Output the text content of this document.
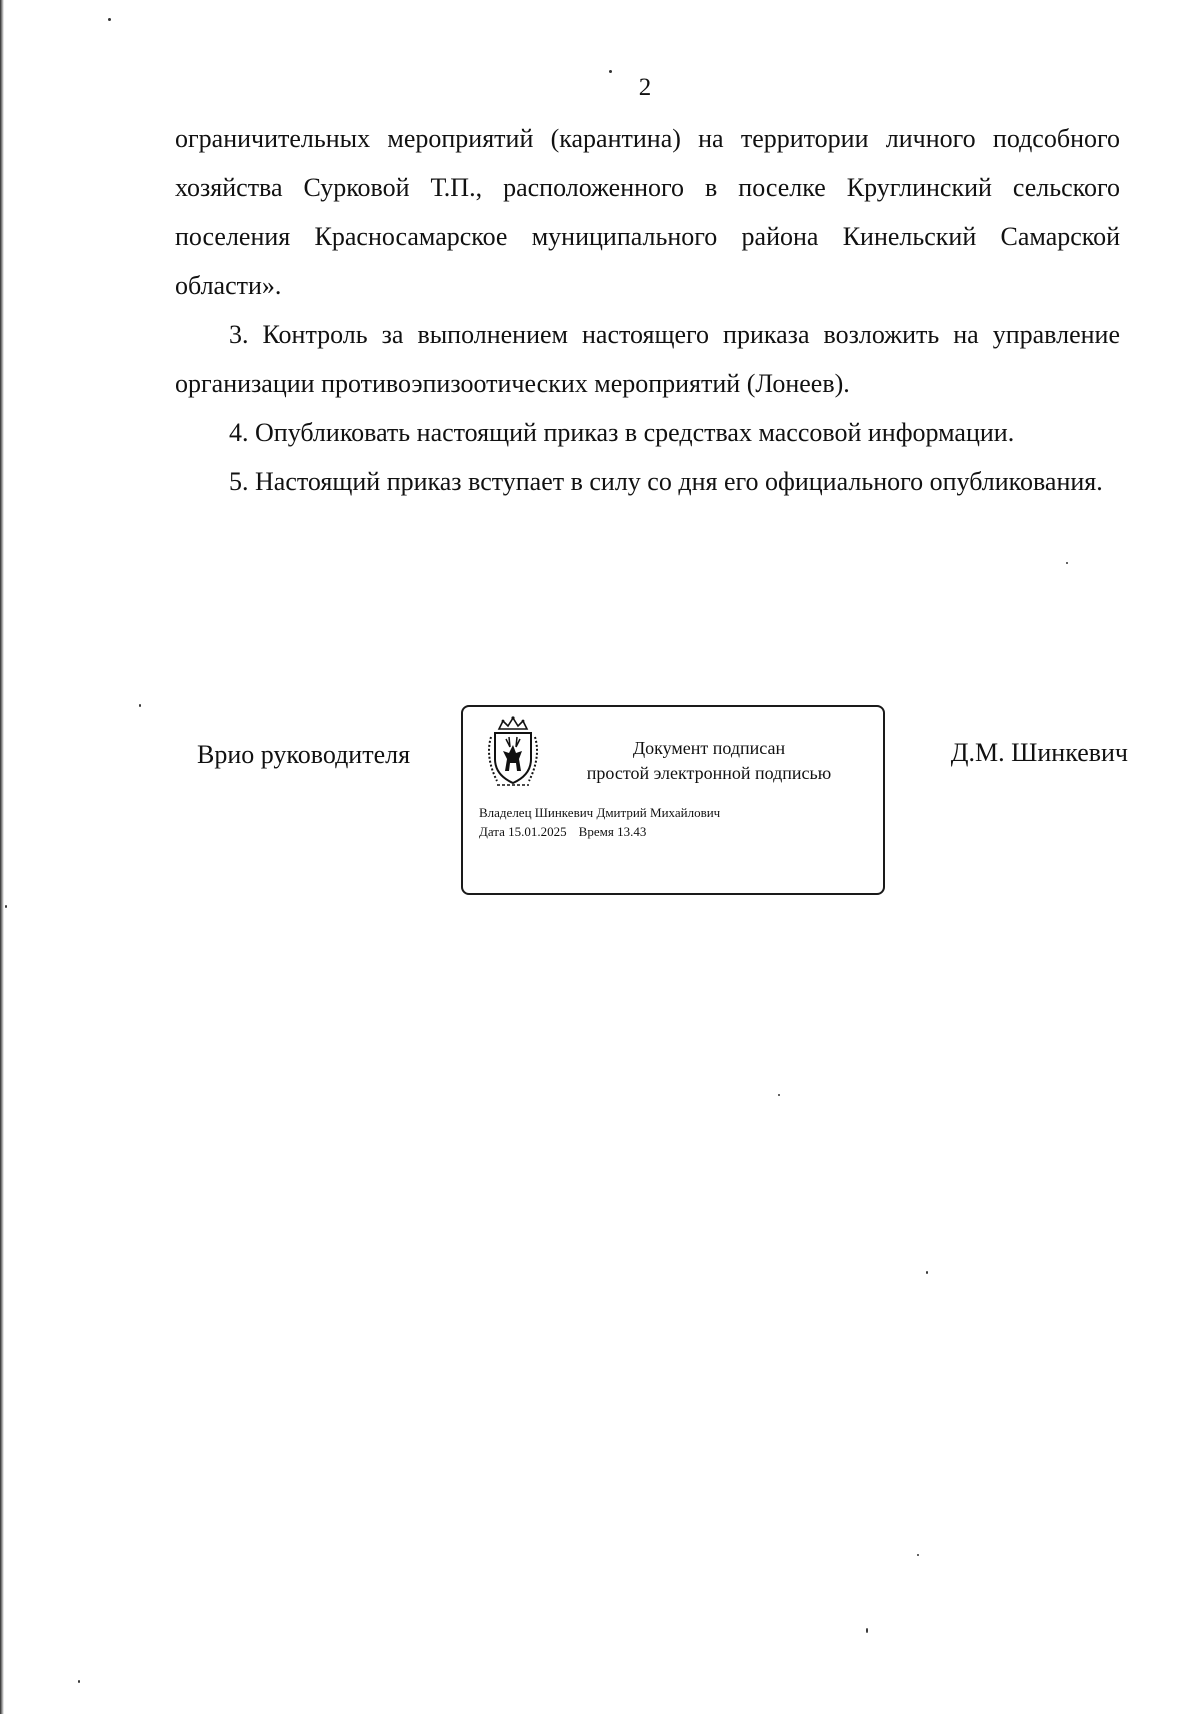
2

ограничительных мероприятий (карантина) на территории личного подсобного хозяйства Сурковой Т.П., расположенного в поселке Круглинский сельского поселения Красносамарское муниципального района Кинельский Самарской области».

3. Контроль за выполнением настоящего приказа возложить на управление организации противоэпизоотических мероприятий (Лонеев).

4. Опубликовать настоящий приказ в средствах массовой информации.

5. Настоящий приказ вступает в силу со дня его официального опубликования.

Врио руководителя	Документ подписан
простой электронной подписью
Владелец Шинкевич Дмитрий Михайлович
Дата 15.01.2025 Время 13.43
Д.М. Шинкевич
